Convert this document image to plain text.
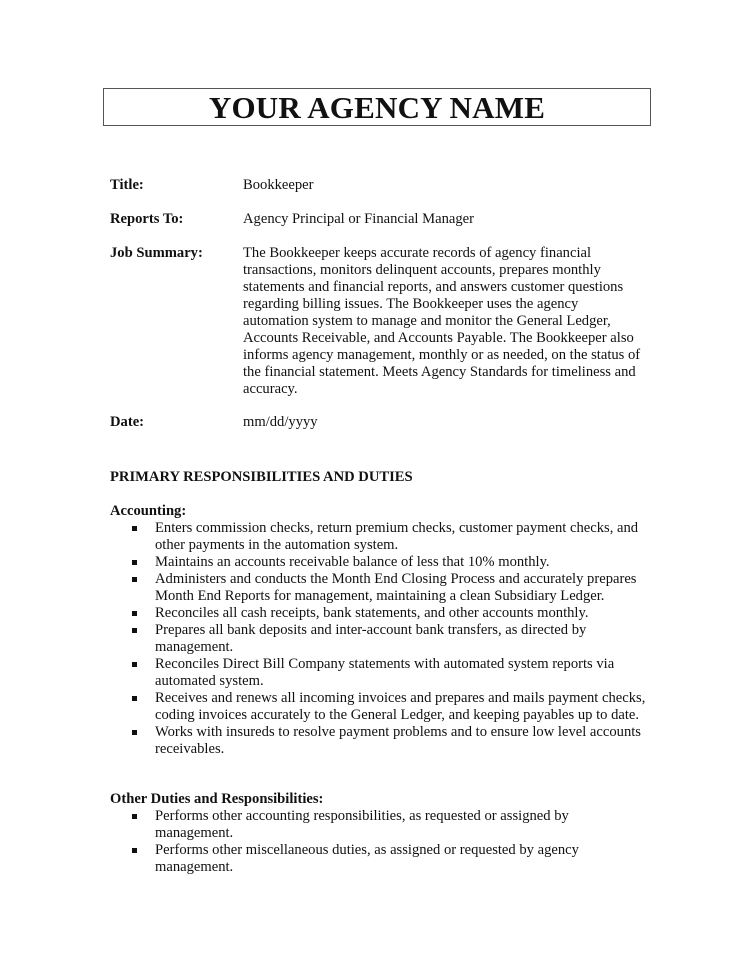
YOUR AGENCY NAME
Title:	Bookkeeper
Reports To:	Agency Principal or Financial Manager
Job Summary:	The Bookkeeper keeps accurate records of agency financial transactions, monitors delinquent accounts, prepares monthly statements and financial reports, and answers customer questions regarding billing issues. The Bookkeeper uses the agency automation system to manage and monitor the General Ledger, Accounts Receivable, and Accounts Payable. The Bookkeeper also informs agency management, monthly or as needed, on the status of the financial statement. Meets Agency Standards for timeliness and accuracy.
Date:	mm/dd/yyyy
PRIMARY RESPONSIBILITIES AND DUTIES
Accounting:
Enters commission checks, return premium checks, customer payment checks, and other payments in the automation system.
Maintains an accounts receivable balance of less that 10% monthly.
Administers and conducts the Month End Closing Process and accurately prepares Month End Reports for management, maintaining a clean Subsidiary Ledger.
Reconciles all cash receipts, bank statements, and other accounts monthly.
Prepares all bank deposits and inter-account bank transfers, as directed by management.
Reconciles Direct Bill Company statements with automated system reports via automated system.
Receives and renews all incoming invoices and prepares and mails payment checks, coding invoices accurately to the General Ledger, and keeping payables up to date.
Works with insureds to resolve payment problems and to ensure low level accounts receivables.
Other Duties and Responsibilities:
Performs other accounting responsibilities, as requested or assigned by management.
Performs other miscellaneous duties, as assigned or requested by agency management.
